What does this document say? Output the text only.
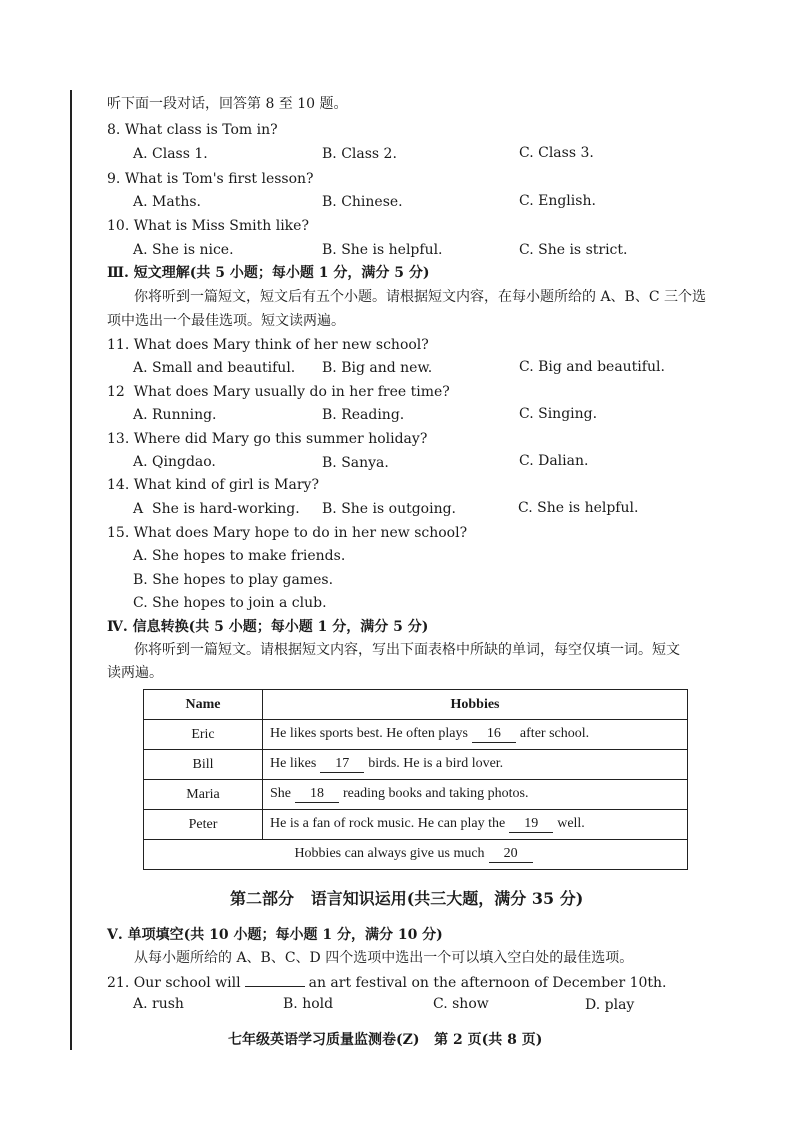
听下面一段对话，回答第 8 至 10 题。
8. What class is Tom in?
A. Class 1.	B. Class 2.	C. Class 3.
9. What is Tom's first lesson?
A. Maths.	B. Chinese.	C. English.
10. What is Miss Smith like?
A. She is nice.	B. She is helpful.	C. She is strict.
Ⅲ. 短文理解(共 5 小题；每小题 1 分，满分 5 分)
你将听到一篇短文，短文后有五个小题。请根据短文内容，在每小题所给的 A、B、C 三个选
项中选出一个最佳选项。短文读两遍。
11. What does Mary think of her new school?
A. Small and beautiful. B. Big and new.	C. Big and beautiful.
12 What does Mary usually do in her free time?
A. Running.	B. Reading.	C. Singing.
13. Where did Mary go this summer holiday?
A. Qingdao.	B. Sanya.	C. Dalian.
14. What kind of girl is Mary?
A  She is hard-working. B. She is outgoing.	C. She is helpful.
15. What does Mary hope to do in her new school?
A. She hopes to make friends.
B. She hopes to play games.
C. She hopes to join a club.
Ⅳ. 信息转换(共 5 小题；每小题 1 分，满分 5 分)
你将听到一篇短文。请根据短文内容，写出下面表格中所缺的单词，每空仅填一词。短文
读两遍。
Name	Hobbies
Eric	He likes sports best. He often plays 16 after school.
Bill	He likes 17 birds. He is a bird lover.
Maria	She 18 reading books and taking photos.
Peter	He is a fan of rock music. He can play the 19 well.
Hobbies can always give us much 20	
第二部分   语言知识运用(共三大题，满分 35 分)
Ⅴ. 单项填空(共 10 小题；每小题 1 分，满分 10 分)
从每小题所给的 A、B、C、D 四个选项中选出一个可以填入空白处的最佳选项。
21. Our school will	an art festival on the afternoon of December 10th.
A. rush	B. hold	C. show	D. play
七年级英语学习质量监测卷(Z)   第 2 页(共 8 页)
